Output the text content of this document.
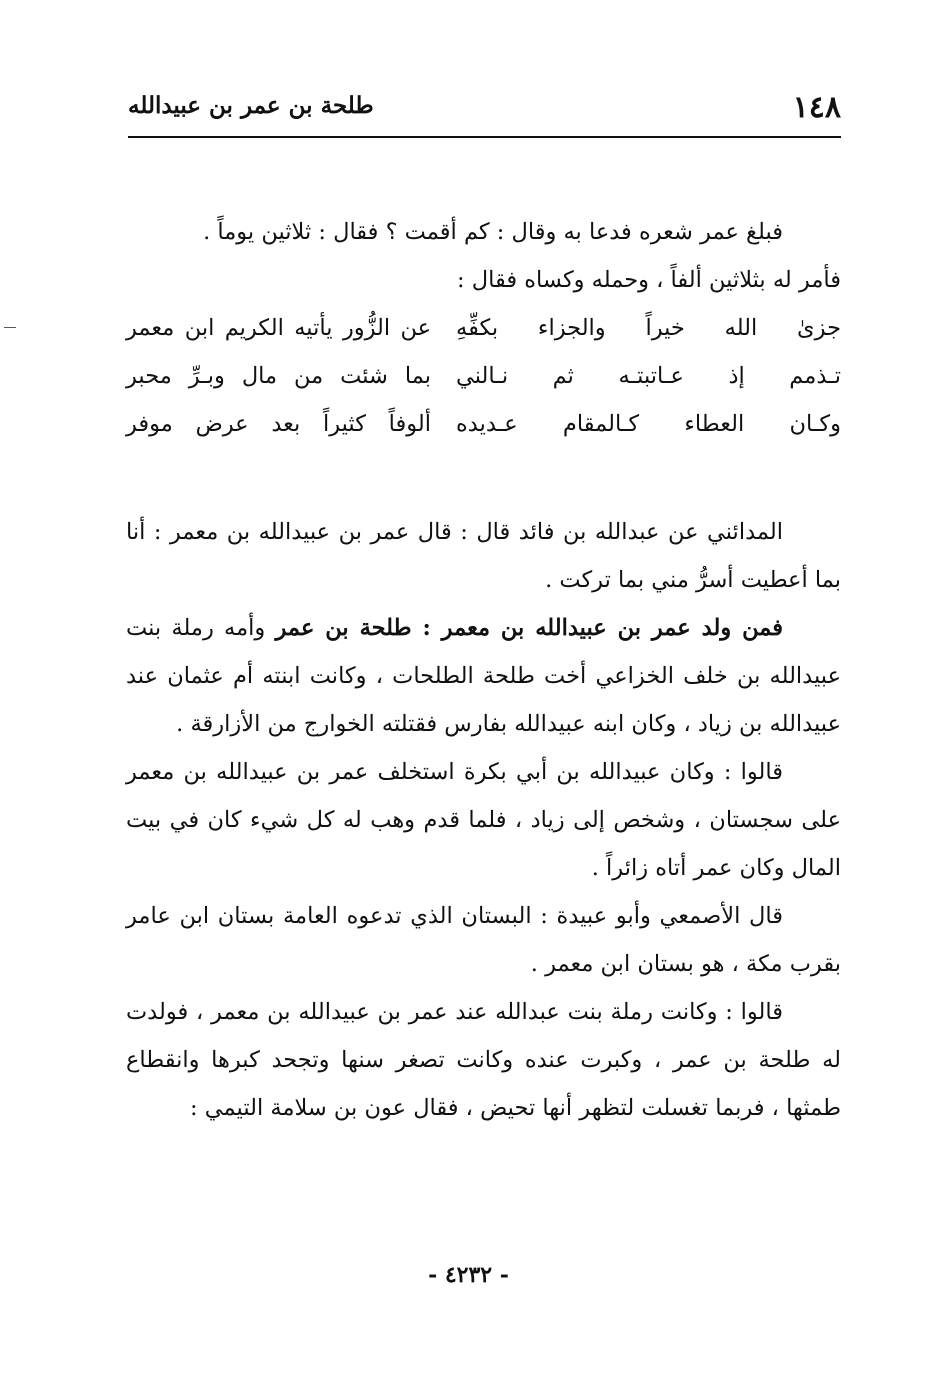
١٤٨
طلحة بن عمر بن عبيدالله

فبلغ عمر شعره فدعا به وقال : كم أقمت ؟ فقال : ثلاثين يوماً .

فأمر له بثلاثين ألفاً ، وحمله وكساه فقال :

جزىٰ الله خيراً والجزاء بكفِّهِ
عن الزُّور يأتيه الكريم ابن معمر
تـذمم إذ عـاتبتـه ثم نـالني
بما شئت من مال وبـرِّ محبر
وكـان العطاء كـالمقام عـديده
ألوفاً كثيراً بعد عرض موفر

المدائني عن عبدالله بن فائد قال : قال عمر بن عبيدالله بن معمر : أنا بما أعطيت أسرُّ مني بما تركت .

فمن ولد عمر بن عبيدالله بن معمر : طلحة بن عمر وأمه رملة بنت عبيدالله بن خلف الخزاعي أخت طلحة الطلحات ، وكانت ابنته أم عثمان عند عبيدالله بن زياد ، وكان ابنه عبيدالله بفارس فقتلته الخوارج من الأزارقة .

قالوا : وكان عبيدالله بن أبي بكرة استخلف عمر بن عبيدالله بن معمر على سجستان ، وشخص إلى زياد ، فلما قدم وهب له كل شيء كان في بيت المال وكان عمر أتاه زائراً .

قال الأصمعي وأبو عبيدة : البستان الذي تدعوه العامة بستان ابن عامر بقرب مكة ، هو بستان ابن معمر .

قالوا : وكانت رملة بنت عبدالله عند عمر بن عبيدالله بن معمر ، فولدت له طلحة بن عمر ، وكبرت عنده وكانت تصغر سنها وتجحد كبرها وانقطاع طمثها ، فربما تغسلت لتظهر أنها تحيض ، فقال عون بن سلامة التيمي :

- ٤٢٣٢ -
